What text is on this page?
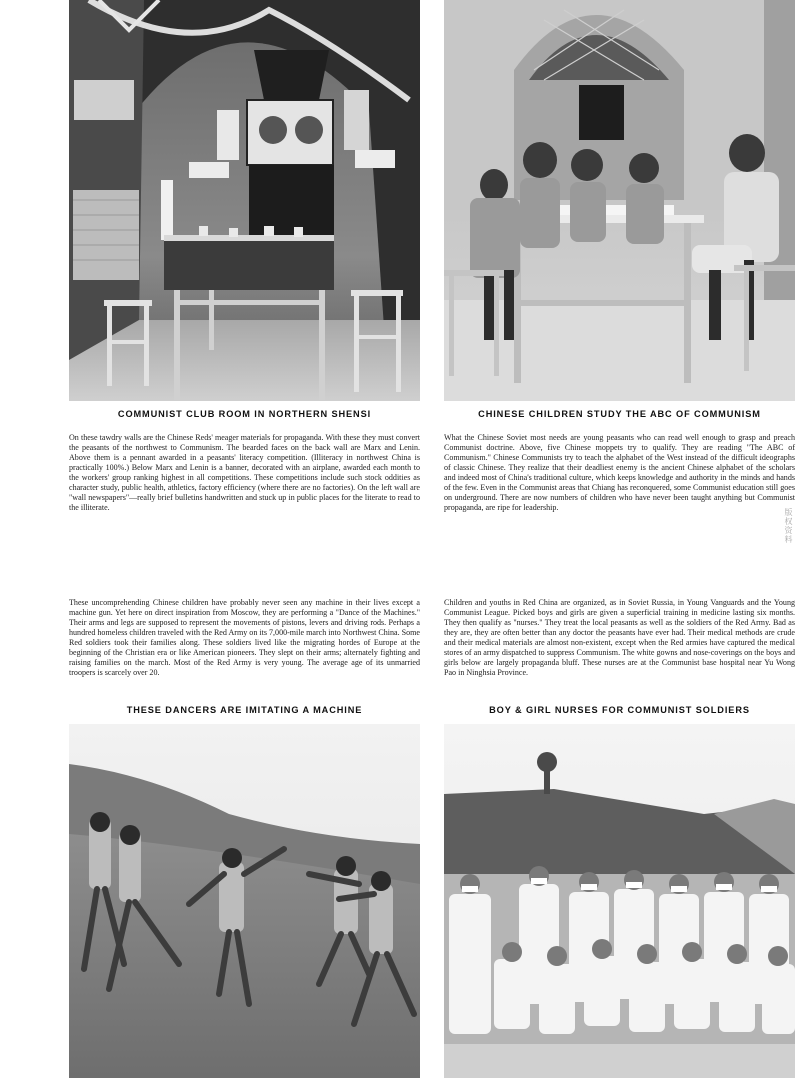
COMMUNIST CLUB ROOM IN NORTHERN SHENSI	CHINESE CHILDREN STUDY THE ABC OF COMMUNISM
On these tawdry walls are the Chinese Reds' meager materials for propaganda. With these they must convert the peasants of the northwest to Communism. The bearded faces on the back wall are Marx and Lenin. Above them is a pennant awarded in a peasants' literacy competition. (Illiteracy in northwest China is practically 100%.) Below Marx and Lenin is a banner, decorated with an airplane, awarded each month to the workers' group ranking highest in all competitions. These competitions include such stock oddities as character study, public health, athletics, factory efficiency (where there are no factories). On the left wall are "wall newspapers"—really brief bulletins handwritten and stuck up in public places for the literate to read to the illiterate.
What the Chinese Soviet most needs are young peasants who can read well enough to grasp and preach Communist doctrine. Above, five Chinese moppets try to qualify. They are reading "The ABC of Communism." Chinese Communists try to teach the alphabet of the West instead of the difficult ideographs of classic Chinese. They realize that their deadliest enemy is the ancient Chinese alphabet of the scholars and indeed most of China's traditional culture, which keeps knowledge and authority in the minds and hands of the few. Even in the Communist areas that Chiang has reconquered, some Communist education still goes on underground. There are now numbers of children who have never been taught anything but Communist propaganda, are ripe for leadership.
版权资料
These uncomprehending Chinese children have probably never seen any machine in their lives except a machine gun. Yet here on direct inspiration from Moscow, they are performing a "Dance of the Machines." Their arms and legs are supposed to represent the movements of pistons, levers and driving rods. Perhaps a hundred homeless children traveled with the Red Army on its 7,000-mile march into Northwest China. Some Red soldiers took their families along. These soldiers lived like the migrating hordes of Europe at the beginning of the Christian era or like American pioneers. They slept on their arms; alternately fighting and raising families on the march. Most of the Red Army is very young. The average age of its unmarried troopers is scarcely over 20.
Children and youths in Red China are organized, as in Soviet Russia, in Young Vanguards and the Young Communist League. Picked boys and girls are given a superficial training in medicine lasting six months. They then qualify as "nurses." They treat the local peasants as well as the soldiers of the Red Army. Bad as they are, they are often better than any doctor the peasants have ever had. Their medical methods are crude and their medical materials are almost non-existent, except when the Red armies have captured the medical stores of an army dispatched to suppress Communism. The white gowns and nose-coverings on the boys and girls below are largely propaganda bluff. These nurses are at the Communist base hospital near Yu Wong Pao in Ninghsia Province.
THESE DANCERS ARE IMITATING A MACHINE	BOY & GIRL NURSES FOR COMMUNIST SOLDIERS
